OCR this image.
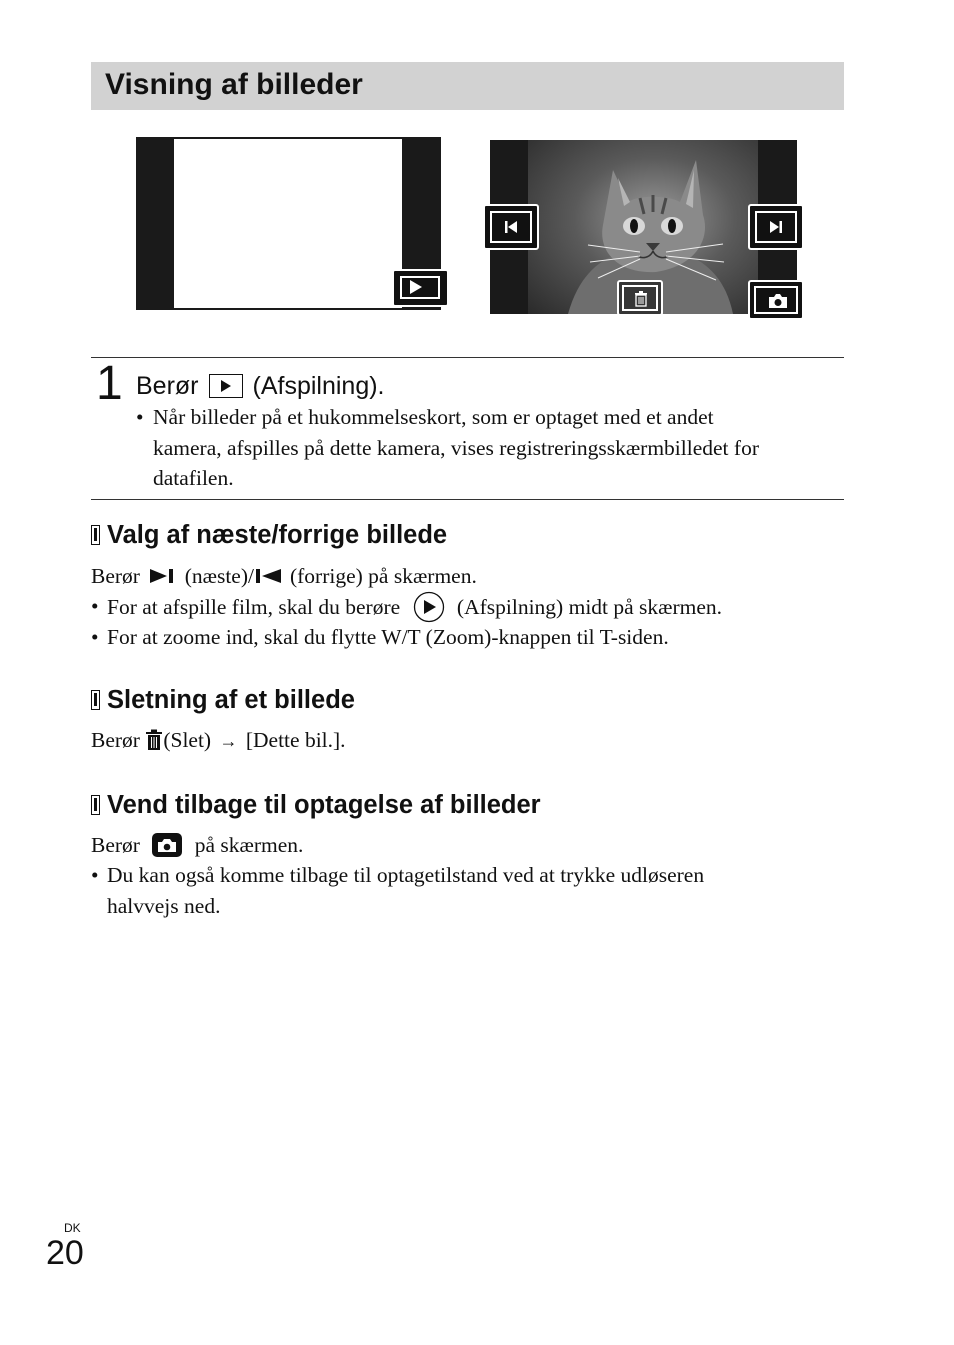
Visning af billeder
1 Berør (Afspilning).
• Når billeder på et hukommelseskort, som er optaget med et andet
kamera, afspilles på dette kamera, vises registreringsskærmbilledet for
datafilen.
Valg af næste/forrige billede
Berør (næste)/ (forrige) på skærmen.
• For at afspille film, skal du berøre	(Afspilning) midt på skærmen.
• For at zoome ind, skal du flytte W/T (Zoom)-knappen til T-siden.
Sletning af et billede
Berør (Slet) → [Dette bil.].
Vend tilbage til optagelse af billeder
Berør	på skærmen.
• Du kan også komme tilbage til optagetilstand ved at trykke udløseren
halvvejs ned.
DK
20
